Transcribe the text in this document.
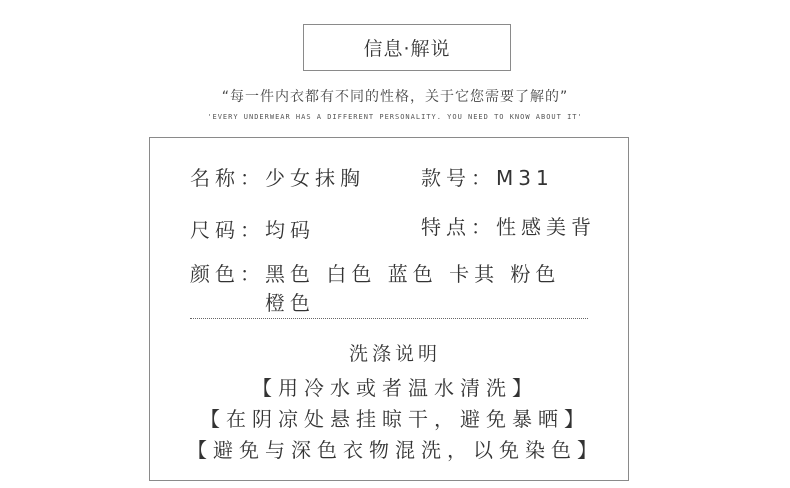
信息·解说
“每一件内衣都有不同的性格，关于它您需要了解的”
'EVERY UNDERWEAR HAS A DIFFERENT PERSONALITY. YOU NEED TO KNOW ABOUT IT'
名称：少女抹胸	款号：M31
尺码：均码	特点：性感美背
颜色：黑色 白色 蓝色 卡其 粉色
橙色
洗涤说明
【用冷水或者温水清洗】
【在阴凉处悬挂晾干，避免暴晒】
【避免与深色衣物混洗，以免染色】
